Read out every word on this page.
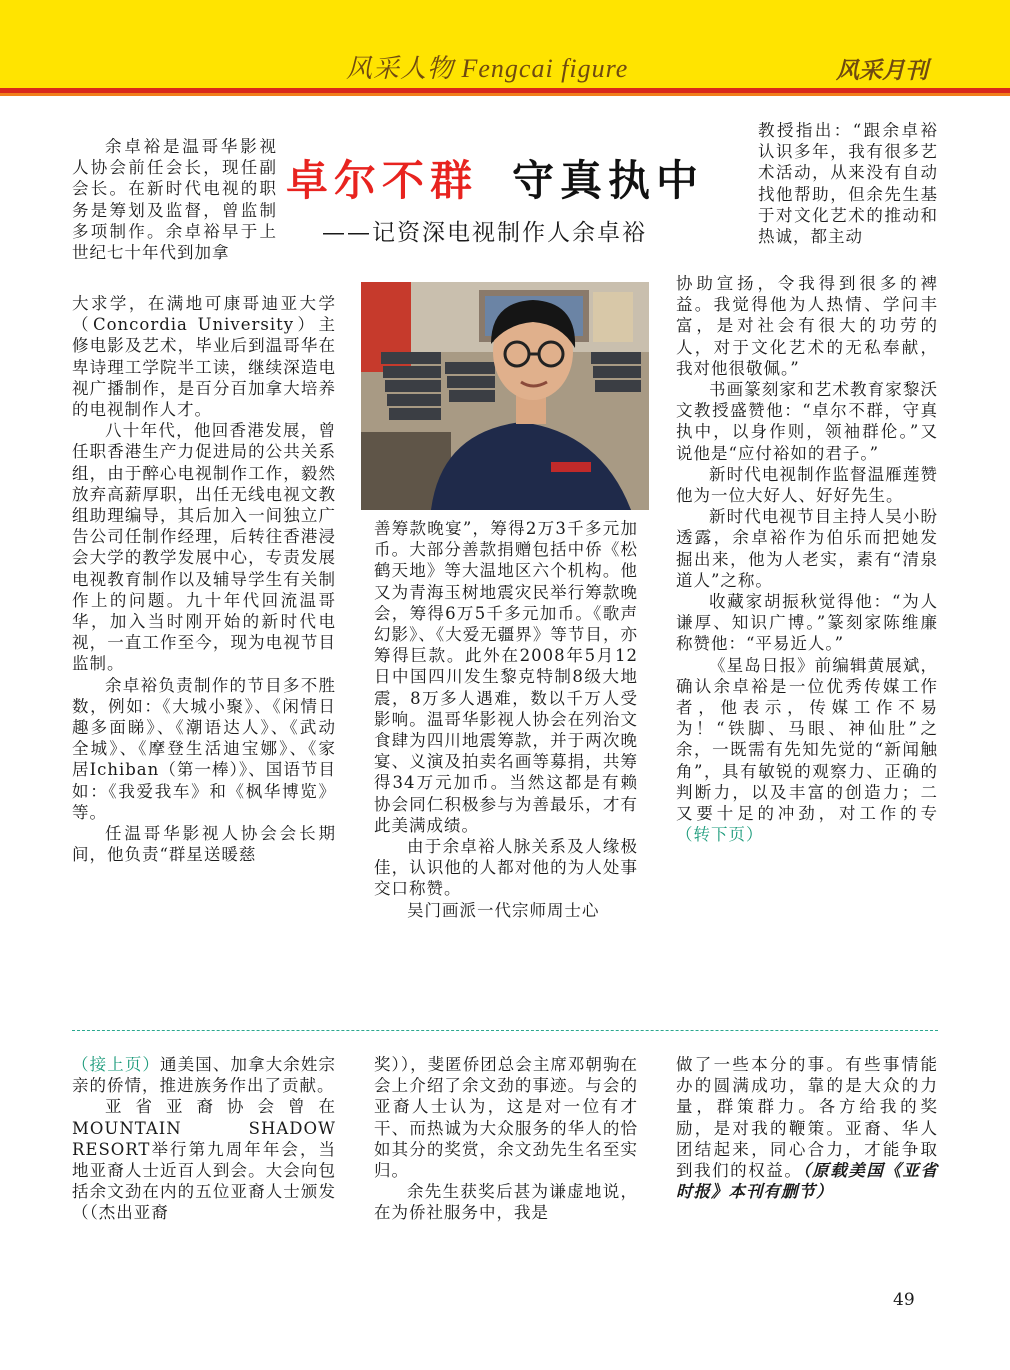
风采人物 Fengcai figure	风采月刊
卓尔不群 守真执中
——记资深电视制作人余卓裕

余卓裕是温哥华影视人协会前任会长，现任副会长。在新时代电视的职务是筹划及监督，曾监制多项制作。余卓裕早于上世纪七十年代到加拿

大求学，在满地可康哥迪亚大学（Concordia University）主修电影及艺术，毕业后到温哥华在卑诗理工学院半工读，继续深造电视广播制作，是百分百加拿大培养的电视制作人才。

八十年代，他回香港发展，曾任职香港生产力促进局的公共关系组，由于醉心电视制作工作，毅然放弃高薪厚职，出任无线电视文教组助理编导，其后加入一间独立广告公司任制作经理，后转往香港浸会大学的教学发展中心，专责发展电视教育制作以及辅导学生有关制作上的问题。九十年代回流温哥华，加入当时刚开始的新时代电视，一直工作至今，现为电视节目监制。

余卓裕负责制作的节目多不胜数，例如：《大城小聚》、《闲情日趣多面睇》、《潮语达人》、《武动全城》、《摩登生活迪宝娜》、《家居Ichiban（第一棒）》、国语节目如：《我爱我车》和《枫华博览》等。

任温哥华影视人协会会长期间，他负责“群星送暖慈

善筹款晚宴”，筹得2万3千多元加币。大部分善款捐赠包括中侨《松鹤天地》等大温地区六个机构。他又为青海玉树地震灾民举行筹款晚会，筹得6万5千多元加币。《歌声幻影》、《大爱无疆界》等节目，亦筹得巨款。此外在2008年5月12日中国四川发生黎克特制8级大地震，8万多人遇难，数以千万人受影响。温哥华影视人协会在列治文食肆为四川地震筹款，并于两次晚宴、义演及拍卖名画等募捐，共筹得34万元加币。当然这都是有赖协会同仁积极参与为善最乐，才有此美满成绩。

由于余卓裕人脉关系及人缘极佳，认识他的人都对他的为人处事交口称赞。

吴门画派一代宗师周士心

教授指出：“跟余卓裕认识多年，我有很多艺术活动，从来没有自动找他帮助，但余先生基于对文化艺术的推动和热诚，都主动

协助宣扬，令我得到很多的裨益。我觉得他为人热情、学问丰富，是对社会有很大的功劳的人，对于文化艺术的无私奉献，我对他很敬佩。”

书画篆刻家和艺术教育家黎沃文教授盛赞他：“卓尔不群，守真执中，以身作则，领袖群伦。”又说他是“应付裕如的君子。”

新时代电视制作监督温雁莲赞他为一位大好人、好好先生。

新时代电视节目主持人吴小盼透露，余卓裕作为伯乐而把她发掘出来，他为人老实，素有“清泉道人”之称。

收藏家胡振秋觉得他：“为人谦厚、知识广博。”篆刻家陈维廉称赞他：“平易近人。”

《星岛日报》前编辑黄展斌，确认余卓裕是一位优秀传媒工作者，他表示，传媒工作不易为！“铁脚、马眼、神仙肚”之余，一既需有先知先觉的“新闻触角”，具有敏锐的观察力、正确的判断力，以及丰富的创造力；二又要十足的冲劲，对工作的专（转下页）

（接上页）通美国、加拿大余姓宗亲的侨情，推进族务作出了贡献。

亚省亚裔协会曾在MOUNTAIN SHADOW RESORT举行第九周年年会，当地亚裔人士近百人到会。大会向包括余文劲在内的五位亚裔人士颁发（（杰出亚裔

奖）），斐匿侨团总会主席邓朝驹在会上介绍了余文劲的事迹。与会的亚裔人士认为，这是对一位有才干、而热诚为大众服务的华人的恰如其分的奖赏，余文劲先生名至实归。

余先生获奖后甚为谦虚地说，在为侨社服务中，我是

做了一些本分的事。有些事情能办的圆满成功，靠的是大众的力量，群策群力。各方给我的奖励，是对我的鞭策。亚裔、华人团结起来，同心合力，才能争取到我们的权益。（原载美国《亚省时报》本刊有删节）

49
